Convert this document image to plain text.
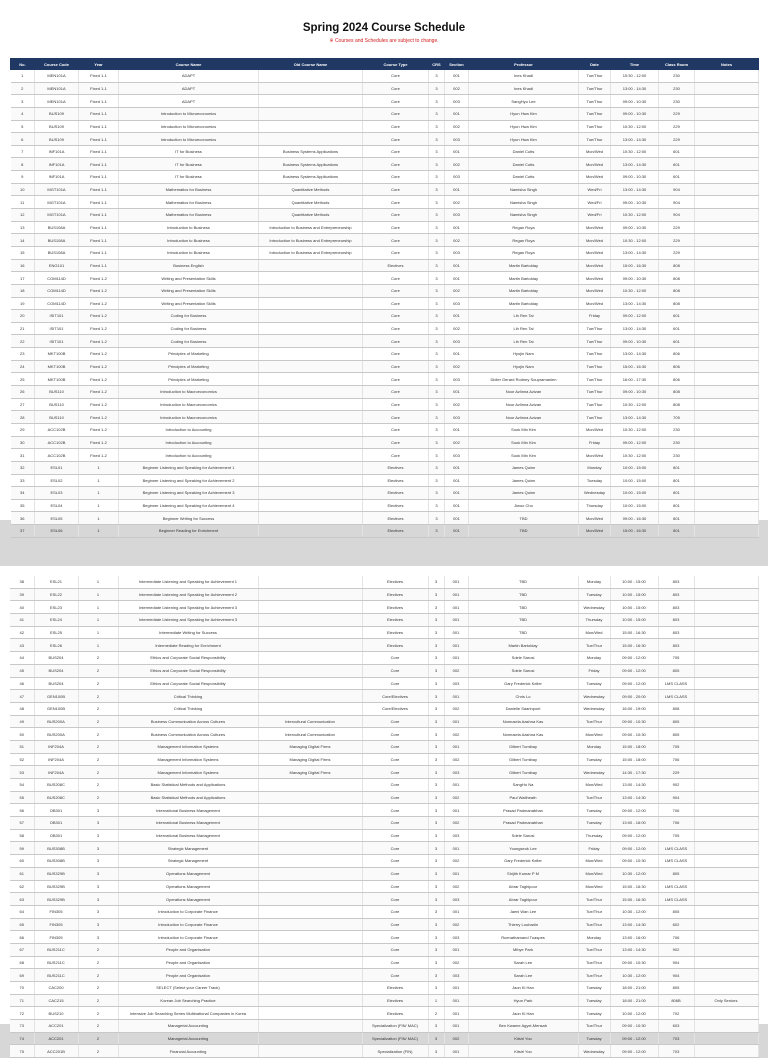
Spring 2024 Course Schedule
※ Courses and Schedules are subject to change.
No.	Course Code	Year	Course Name	Old Course Name	Course Type	CRS	Section	Professor	Date	Time	Class Room	Notes
1	MEN101A	Fixed 1-1	ADAPT		Core	3	001	Ines Khadi	Tue/Thur	10:30 - 12:00	230	
2	MEN101A	Fixed 1-1	ADAPT		Core	3	002	Ines Khadi	Tue/Thur	13:00 - 14:30	230	
3	MEN101A	Fixed 1-1	ADAPT		Core	3	003	SangHyo Lee	Tue/Thur	09:00 - 10:30	230	
4	BUS109	Fixed 1-1	Introduction to Microeconomics		Core	3	001	Hyun Hwa Kim	Tue/Thur	09:00 - 10:30	229	
5	BUS109	Fixed 1-1	Introduction to Microeconomics		Core	3	002	Hyun Hwa Kim	Tue/Thur	10:30 - 12:00	229	
6	BUS109	Fixed 1-1	Introduction to Microeconomics		Core	3	003	Hyun Hwa Kim	Tue/Thur	13:00 - 14:30	229	
7	INF101A	Fixed 1-1	IT for Business	Business Systems Applications	Core	3	001	Daniel Cutts	Mon/Wed	10:30 - 12:00	601	
8	INF101A	Fixed 1-1	IT for Business	Business Systems Applications	Core	3	002	Daniel Cutts	Mon/Wed	13:00 - 14:30	601	
9	INF101A	Fixed 1-1	IT for Business	Business Systems Applications	Core	3	003	Daniel Cutts	Mon/Wed	09:00 - 10:30	601	
10	MGT101A	Fixed 1-1	Mathematics for Business	Quantitative Methods	Core	3	001	Namisha Singh	Wed/Fri	13:00 - 14:30	904	
11	MGT101A	Fixed 1-1	Mathematics for Business	Quantitative Methods	Core	3	002	Namisha Singh	Wed/Fri	09:00 - 10:30	904	
12	MGT101A	Fixed 1-1	Mathematics for Business	Quantitative Methods	Core	3	003	Namisha Singh	Wed/Fri	10:30 - 12:00	904	
13	BUS108A	Fixed 1-1	Introduction to Business	Introduction to Business and Entrepreneurship	Core	3	001	Regan Roya	Mon/Wed	09:00 - 10:30	229	
14	BUS108A	Fixed 1-1	Introduction to Business	Introduction to Business and Entrepreneurship	Core	3	002	Regan Roya	Mon/Wed	10:30 - 12:00	229	
15	BUS108A	Fixed 1-1	Introduction to Business	Introduction to Business and Entrepreneurship	Core	3	003	Regan Roya	Mon/Wed	13:00 - 14:30	229	
16	ENG101	Fixed 1-1	Business English		Electives	3	001	Martin Bartolday	Mon/Wed	15:00 - 16:30	808	
17	COM114D	Fixed 1-2	Writing and Presentation Skills		Core	3	001	Martin Bartolday	Mon/Wed	09:00 - 10:30	808	
18	COM114D	Fixed 1-2	Writing and Presentation Skills		Core	3	002	Martin Bartolday	Mon/Wed	10:30 - 12:00	808	
19	COM114D	Fixed 1-2	Writing and Presentation Skills		Core	3	003	Martin Bartolday	Mon/Wed	13:00 - 14:30	808	
20	ISIT101	Fixed 1-2	Coding for Business		Core	3	001	Lih Ren Tai	Friday	09:00 - 12:00	601	
21	ISIT101	Fixed 1-2	Coding for Business		Core	3	002	Lih Ren Tai	Tue/Thur	13:00 - 14:30	601	
22	ISIT101	Fixed 1-2	Coding for Business		Core	3	003	Lih Ren Tai	Tue/Thur	09:00 - 10:30	601	
23	MKT100B	Fixed 1-2	Principles of Marketing		Core	3	001	Hyojin Nam	Tue/Thur	13:00 - 14:30	806	
24	MKT100B	Fixed 1-2	Principles of Marketing		Core	3	002	Hyojin Nam	Tue/Thur	15:00 - 16:30	806	
25	MKT100B	Fixed 1-2	Principles of Marketing		Core	3	003	Didier Gerard Rodney Soupramanien	Tue/Thur	16:00 - 17:30	806	
26	BUS110	Fixed 1-2	Introduction to Macroeconomics		Core	3	001	Noor Azlinna Azizan	Tue/Thur	09:00 - 10:30	808	
27	BUS110	Fixed 1-2	Introduction to Macroeconomics		Core	3	002	Noor Azlinna Azizan	Tue/Thur	10:30 - 12:00	808	
28	BUS110	Fixed 1-2	Introduction to Macroeconomics		Core	3	003	Noor Azlinna Azizan	Tue/Thur	13:00 - 14:30	705	
29	ACC102B	Fixed 1-2	Introduction to Accounting		Core	3	001	Sook Min Kim	Mon/Wed	10:30 - 12:00	230	
30	ACC102B	Fixed 1-2	Introduction to Accounting		Core	3	002	Sook Min Kim	Friday	09:00 - 12:00	230	
31	ACC102B	Fixed 1-2	Introduction to Accounting		Core	3	003	Sook Min Kim	Mon/Wed	10:30 - 12:00	230	
32	ESL01	1	Beginner Listening and Speaking for Achievement 1		Electives	3	001	James Quinn	Monday	10:00 - 15:00	801	
33	ESL02	1	Beginner Listening and Speaking for Achievement 2		Electives	3	001	James Quinn	Tuesday	10:00 - 15:00	801	
34	ESL03	1	Beginner Listening and Speaking for Achievement 3		Electives	3	001	James Quinn	Wednesday	10:00 - 15:00	801	
35	ESL04	1	Beginner Listening and Speaking for Achievement 4		Electives	3	001	Jiwoo Cho	Thursday	10:00 - 15:00	801	
36	ESL05	1	Beginner Writing for Success		Electives	3	001	TBD	Mon/Wed	09:00 - 16:30	801	
37	ESL06	1	Beginner Reading for Enrichment		Electives	3	001	TBD	Mon/Wed	15:00 - 16:30	801	
38	ESL21	1	Intermediate Listening and Speaking for Achievement 1		Electives	3	001	TBD	Monday	10:00 - 15:00	803	
39	ESL22	1	Intermediate Listening and Speaking for Achievement 2		Electives	3	001	TBD	Tuesday	10:00 - 15:00	803	
40	ESL23	1	Intermediate Listening and Speaking for Achievement 3		Electives	3	001	TBD	Wednesday	10:00 - 15:00	803	
41	ESL24	1	Intermediate Listening and Speaking for Achievement 3		Electives	3	001	TBD	Thursday	10:00 - 15:00	803	
42	ESL25	1	Intermediate Writing for Success		Electives	3	001	TBD	Mon/Wed	15:00 - 16:30	803	
43	ESL26	1	Intermediate Reading for Enrichment		Electives	3	001	Martin Bartolday	Tue/Thur	15:00 - 16:30	803	
44	BUS204	2	Ethics and Corporate Social Responsibility		Core	3	001	Sdele Sarusi	Monday	09:00 - 12:00	705	
45	BUS204	2	Ethics and Corporate Social Responsibility		Core	3	002	Sdele Sarusi	Friday	09:00 - 12:00	805	
46	BUS204	2	Ethics and Corporate Social Responsibility		Core	3	003	Gary Frederick Keller	Tuesday	09:00 - 12:00	LMS CLASS	
47	GEN100B	2	Critical Thinking		Core/Electives	3	001	Chris Lo	Wednesday	09:00 - 20:00	LMS CLASS	
48	GEN100B	2	Critical Thinking		Core/Electives	3	002	Danielle Saarinpoel	Wednesday	16:00 - 19:00	808	
49	BUS200A	2	Business Communication Across Cultures	Intercultural Communication	Core	3	001	Nomusela Aashna Kas	Tue/Thur	09:00 - 10:30	805	
50	BUS200A	2	Business Communication Across Cultures	Intercultural Communication	Core	3	002	Nomusela Aashna Kas	Mon/Wed	09:00 - 10:30	805	
51	INF204A	2	Management Information Systems	Managing Digital Firms	Core	3	001	Gilbert Tumibay	Monday	15:00 - 18:00	705	
52	INF204A	2	Management Information Systems	Managing Digital Firms	Core	3	002	Gilbert Tumibay	Tuesday	15:00 - 18:00	706	
53	INF204A	2	Management Information Systems	Managing Digital Firms	Core	3	003	Gilbert Tumibay	Wednesday	14:30 - 17:30	229	
54	BUS208C	2	Basic Statistical Methods and Applications		Core	3	001	SangHo Na	Mon/Wed	13:00 - 14:30	902	
55	BUS208C	2	Basic Statistical Methods and Applications		Core	3	002	Paul Watlheath	Tue/Thur	13:00 - 14:30	904	
56	OB301	3	International Business Management		Core	3	001	Prasad Padmanabhan	Tuesday	09:00 - 12:00	706	
57	OB301	3	International Business Management		Core	3	002	Prasad Padmanabhan	Tuesday	13:00 - 16:00	706	
58	OB301	3	International Business Management		Core	3	003	Sdele Sarusi	Thursday	09:00 - 12:00	705	
59	BUS308B	3	Strategic Management		Core	3	001	Youngseok Lee	Friday	09:00 - 12:00	LMS CLASS	
60	BUS308B	3	Strategic Management		Core	3	002	Gary Frederick Keller	Mon/Wed	09:00 - 10:30	LMS CLASS	
61	BUS329B	3	Operations Management		Core	3	001	Shijith Kumar P M	Mon/Wed	10:30 - 12:00	805	
62	BUS329B	3	Operations Management		Core	3	002	Abrar Taghipour	Mon/Wed	15:00 - 16:30	LMS CLASS	
63	BUS329B	3	Operations Management		Core	3	003	Abrar Taghipour	Tue/Thur	15:00 - 16:30	LMS CLASS	
64	FIN305	3	Introduction to Corporate Finance		Core	3	001	Jaeni Wan Lee	Tue/Thur	10:30 - 12:00	805	
65	FIN305	3	Introduction to Corporate Finance		Core	3	002	Thierry Loubadin	Tue/Thur	13:00 - 14:30	602	
66	FIN305	3	Introduction to Corporate Finance		Core	3	003	Ruenathamand Tuaspes	Monday	13:00 - 16:00	706	
67	BUS211C	2	People and Organisation		Core	3	001	Mihye Park	Tue/Thur	13:00 - 14:30	902	
68	BUS211C	2	People and Organisation		Core	3	002	Sarah Lee	Tue/Thur	09:00 - 10:30	904	
69	BUS211C	2	People and Organisation		Core	3	003	Sarah Lee	Tue/Thur	10:30 - 12:00	904	
70	CAC200	2	SELECT (Select your Career Track)		Electives	3	001	Jaon Ki Han	Tuesday	18:00 - 21:00	805	
71	CAC215	2	Korean Job Searching Practice		Electives	1	001	Hyun Park	Tuesday	18:00 - 21:00	806B	Only Seniors
72	BUS210	2	Intensive Job Searching Series Multinational Companies in Korea		Electives	2	001	Jaon Ki Han	Tuesday	10:00 - 12:00	702	
73	ACC201	2	Managerial Accounting		Specialization (FIN/ MAC)	3	001	Ben Kwame Agyei-Mensah	Tue/Thur	09:00 - 10:30	603	
74	ACC201	2	Managerial Accounting		Specialization (FIN/ MAC)	3	002	Kitsiri Yoo	Tuesday	09:00 - 12:00	703	
75	ACC201B	2	Financial Accounting		Specialization (FIN)	3	001	Kitsiri Yoo	Wednesday	09:00 - 12:00	703	
